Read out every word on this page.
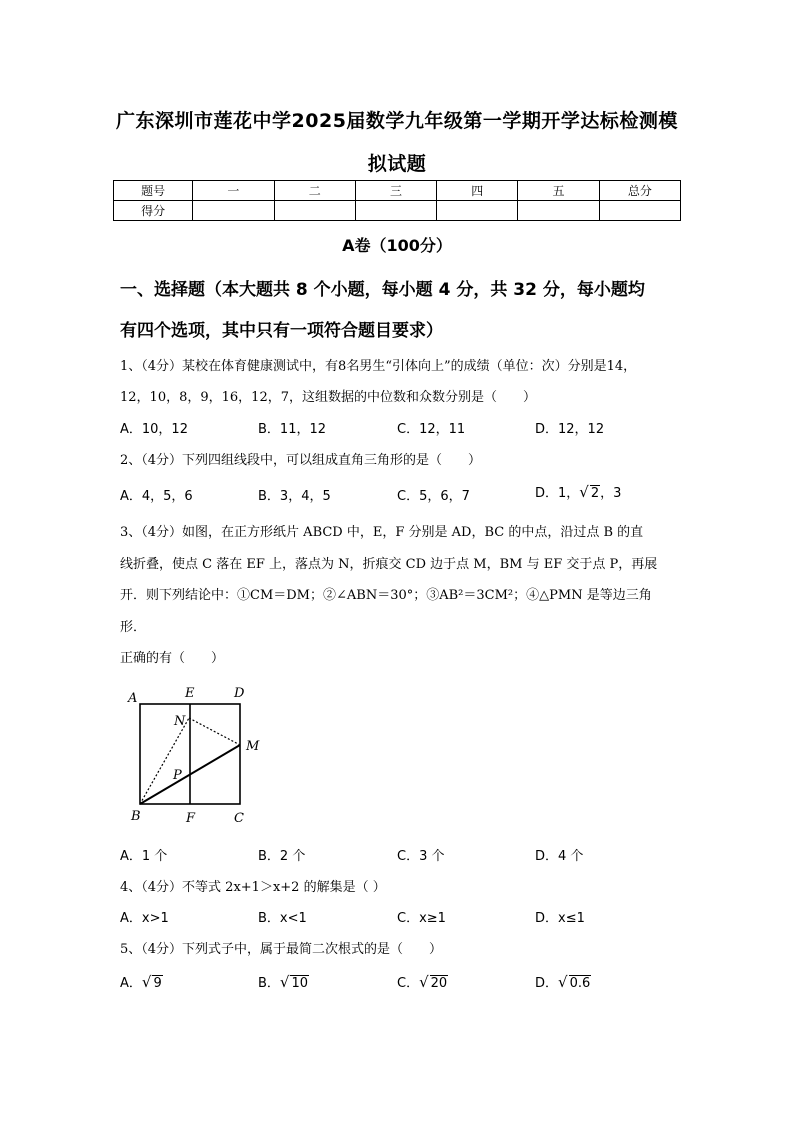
广东深圳市莲花中学2025届数学九年级第一学期开学达标检测模
拟试题
题号	一	二	三	四	五	总分
得分						
A卷（100分）
一、选择题（本大题共 8 个小题，每小题 4 分，共 32 分，每小题均
有四个选项，其中只有一项符合题目要求）
1、（4分）某校在体育健康测试中，有8名男生“引体向上”的成绩（单位：次）分别是14，
12，10，8，9，16，12，7，这组数据的中位数和众数分别是（　　）
A．10，12	B．11，12	C．12，11	D．12，12
2、（4分）下列四组线段中，可以组成直角三角形的是（　　）
A．4，5，6	B．3，4，5	C．5，6，7	D．1，√ 2，3
3、（4分）如图，在正方形纸片 ABCD 中，E，F 分别是 AD，BC 的中点，沿过点 B 的直
线折叠，使点 C 落在 EF 上，落点为 N，折痕交 CD 边于点 M，BM 与 EF 交于点 P，再展
开．则下列结论中：①CM＝DM；②∠ABN＝30°；③AB²＝3CM²；④△PMN 是等边三角
形．
正确的有（　　）
A	E	D
N
M
P
B	F	C
A．1 个	B．2 个	C．3 个	D．4 个
4、（4分）不等式 2x+1＞x+2 的解集是（ ）
A．x>1	B．x<1	C．x≥1	D．x≤1
5、（4分）下列式子中，属于最简二次根式的是（　　）
A．√ 9	B．√ 10	C．√ 20	D．√ 0.6
